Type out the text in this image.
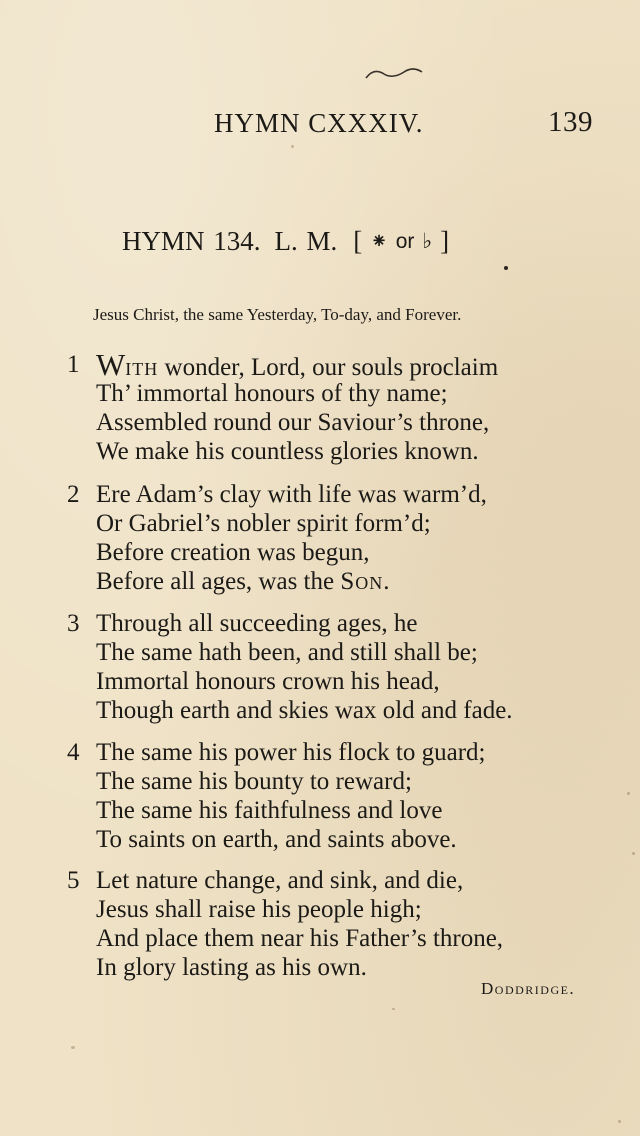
HYMN CXXXIV.	139
HYMN 134. L. M. [ ⁕ or ♭ ]
Jesus Christ, the same Yesterday, To-day, and Forever.
1 With wonder, Lord, our souls proclaim
Th’ immortal honours of thy name;
Assembled round our Saviour’s throne,
We make his countless glories known.
2 Ere Adam’s clay with life was warm’d,
Or Gabriel’s nobler spirit form’d;
Before creation was begun,
Before all ages, was the Son.
3 Through all succeeding ages, he
The same hath been, and still shall be;
Immortal honours crown his head,
Though earth and skies wax old and fade.
4 The same his power his flock to guard;
The same his bounty to reward;
The same his faithfulness and love
To saints on earth, and saints above.
5 Let nature change, and sink, and die,
Jesus shall raise his people high;
And place them near his Father’s throne,
In glory lasting as his own.
Doddridge.
